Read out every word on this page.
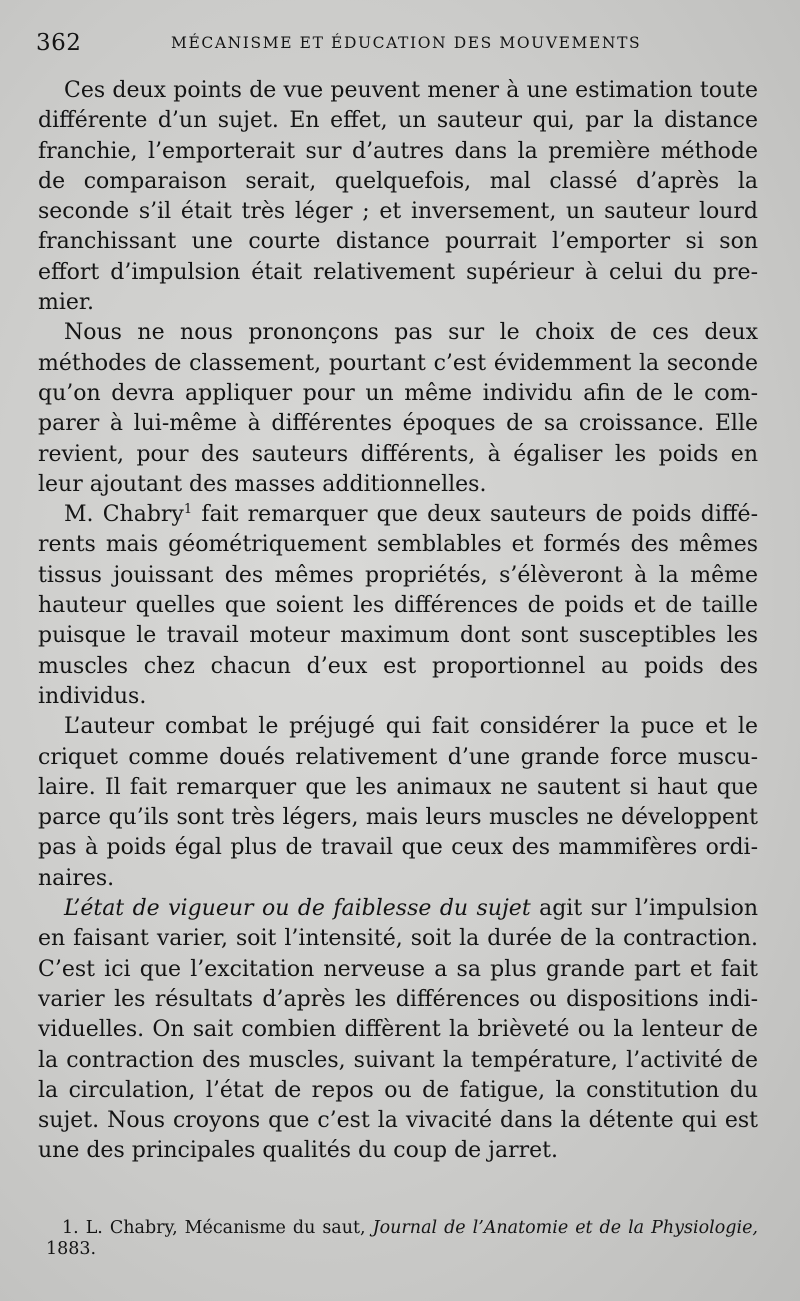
362	MÉCANISME ET ÉDUCATION DES MOUVEMENTS

Ces deux points de vue peuvent mener à une estimation toute différente d’un sujet. En effet, un sauteur qui, par la distance franchie, l’emporterait sur d’autres dans la première méthode de comparaison serait, quelquefois, mal classé d’après la seconde s’il était très léger ; et inversement, un sauteur lourd franchissant une courte distance pourrait l’emporter si son effort d’impulsion était relativement supérieur à celui du premier.

Nous ne nous prononçons pas sur le choix de ces deux méthodes de classement, pourtant c’est évidemment la seconde qu’on devra appliquer pour un même individu afin de le comparer à lui-même à différentes époques de sa croissance. Elle revient, pour des sauteurs différents, à égaliser les poids en leur ajoutant des masses additionnelles.

M. Chabry$^1$ fait remarquer que deux sauteurs de poids différents mais géométriquement semblables et formés des mêmes tissus jouissant des mêmes propriétés, s’élèveront à la même hauteur quelles que soient les différences de poids et de taille puisque le travail moteur maximum dont sont susceptibles les muscles chez chacun d’eux est proportionnel au poids des individus.

L’auteur combat le préjugé qui fait considérer la puce et le criquet comme doués relativement d’une grande force musculaire. Il fait remarquer que les animaux ne sautent si haut que parce qu’ils sont très légers, mais leurs muscles ne développent pas à poids égal plus de travail que ceux des mammifères ordinaires.

L’état de vigueur ou de faiblesse du sujet agit sur l’impulsion en faisant varier, soit l’intensité, soit la durée de la contraction. C’est ici que l’excitation nerveuse a sa plus grande part et fait varier les résultats d’après les différences ou dispositions individuelles. On sait combien diffèrent la brièveté ou la lenteur de la contraction des muscles, suivant la température, l’activité de la circulation, l’état de repos ou de fatigue, la constitution du sujet. Nous croyons que c’est la vivacité dans la détente qui est une des principales qualités du coup de jarret.

1. L. Chabry, Mécanisme du saut, Journal de l’Anatomie et de la Physiologie, 1883.
